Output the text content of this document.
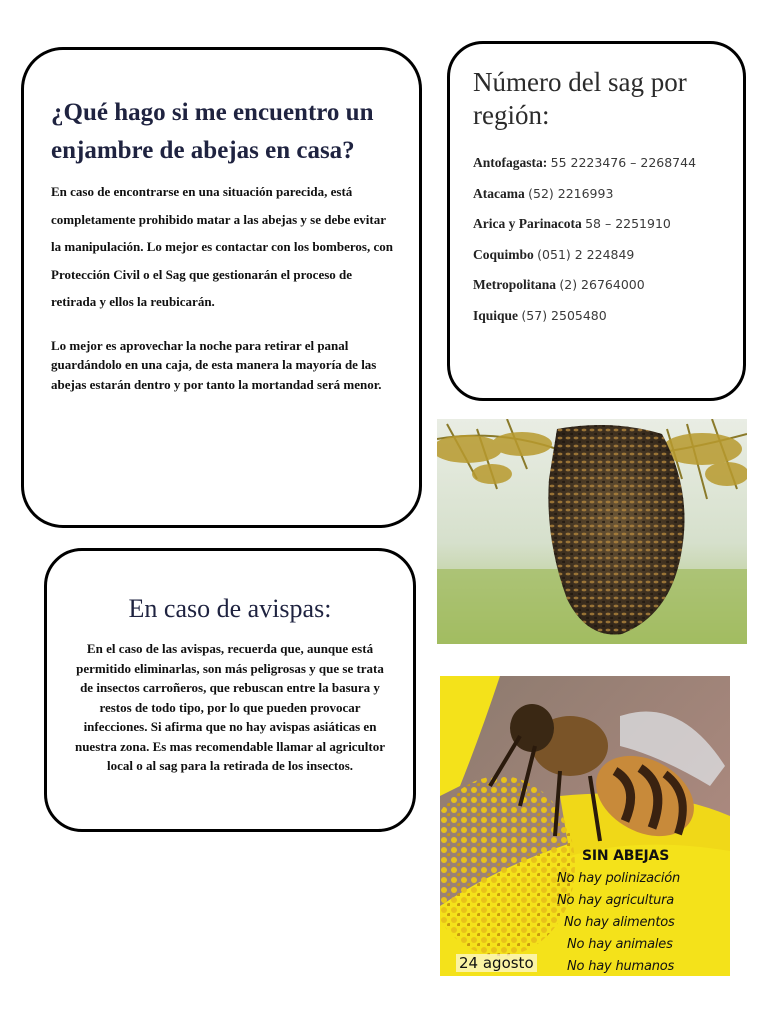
¿Qué hago si me encuentro un enjambre de abejas en casa?

En caso de encontrarse en una situación parecida, está completamente prohibido matar a las abejas y se debe evitar la manipulación. Lo mejor es contactar con los bomberos, con Protección Civil o el Sag que gestionarán el proceso de retirada y ellos la reubicarán.

Lo mejor es aprovechar la noche para retirar el panal guardándolo en una caja, de esta manera la mayoría de las abejas estarán dentro y por tanto la mortandad será menor.

Número del sag por región:
Antofagasta: 55 2223476 – 2268744
Atacama (52) 2216993
Arica y Parinacota 58 – 2251910
Coquimbo (051) 2 224849
Metropolitana (2) 26764000
Iquique (57) 2505480
En caso de avispas:

En el caso de las avispas, recuerda que, aunque está permitido eliminarlas, son más peligrosas y que se trata de insectos carroñeros, que rebuscan entre la basura y restos de todo tipo, por lo que pueden provocar infecciones. Si afirma que no hay avispas asiáticas en nuestra zona. Es mas recomendable llamar al agricultor local o al sag para la retirada de los insectos.

SIN ABEJAS
No hay polinización
No hay agricultura
No hay alimentos
No hay animales
No hay humanos
24 agosto
